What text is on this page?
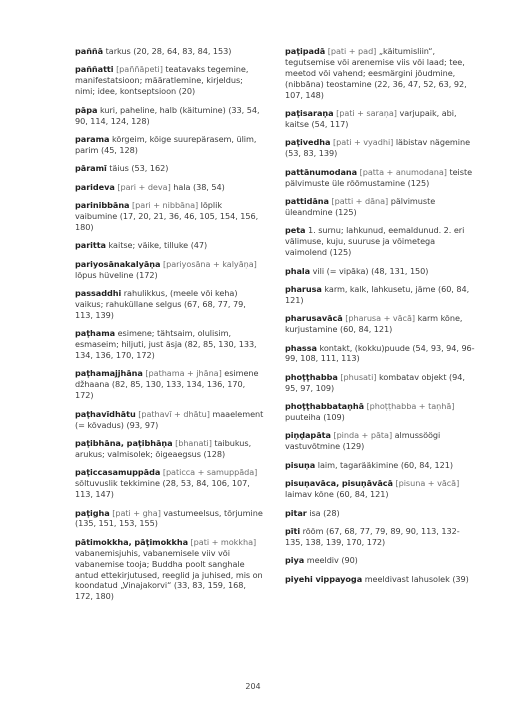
paññā tarkus (20, 28, 64, 83, 84, 153)

paññatti [paññāpeti] teatavaks tegemine, manifestatsioon; määratlemine, kirjeldus; nimi; idee, kontseptsioon (20)

pāpa kuri, paheline, halb (käitumine) (33, 54, 90, 114, 124, 128)

parama kõrgeim, kõige suurepärasem, ülim, parim (45, 128)

pāramī täius (53, 162)

paridevа [pari + deva] hala (38, 54)

parinibbāna [pari + nibbāna] lõplik vaibumine (17, 20, 21, 36, 46, 105, 154, 156, 180)

paritta kaitse; väike, tilluke (47)

pariyosānakalyāṇa [pariyosāna + kalyāṇa] lõpus hüveline (172)

passaddhi rahulikkus, (meele või keha) vaikus; rahuküllane selgus (67, 68, 77, 79, 113, 139)

paṭhama esimene; tähtsaim, olulisim, esmaseim; hiljuti, just äsja (82, 85, 130, 133, 134, 136, 170, 172)

paṭhamajjhāna [pathama + jhāna] esimene džhaana (82, 85, 130, 133, 134, 136, 170, 172)

paṭhavīdhātu [pathavī + dhātu] maaelement (= kõvadus) (93, 97)

paṭibhāna, paṭibhāṇa [bhanati] taibukus, arukus; valmisolek; õigeaegsus (128)

paṭiccasamuppāda [paticca + samuppāda] sõltuvuslik tekkimine (28, 53, 84, 106, 107, 113, 147)

paṭigha [pati + gha] vastumeelsus, tõrjumine (135, 151, 153, 155)

pātimokkha, pāṭimokkha [pati + mokkha] vabanemisjuhis, vabanemisele viiv või vabanemise tooja; Buddha poolt sanghale antud ettekirjutused, reeglid ja juhised, mis on koondatud „Vinajakorvi“ (33, 83, 159, 168, 172, 180)

paṭipadā [pati + pad] „käitumisliin“, tegutsemise või arenemise viis või laad; tee, meetod või vahend; eesmärgini jõudmine, (nibbāna) teostamine (22, 36, 47, 52, 63, 92, 107, 148)

paṭisaraṇa [pati + saraṇa] varjupaik, abi, kaitse (54, 117)

paṭivedha [pati + vyadhi] läbistav nägemine (53, 83, 139)

pattānumodana [patta + anumodana] teiste pälvimuste üle rõõmustamine (125)

pattidāna [patti + dāna] pälvimuste üleandmine (125)

peta 1. surnu; lahkunud, eemaldunud. 2. eri välimuse, kuju, suuruse ja võimetega vaimolend (125)

phala vili (= vipāka) (48, 131, 150)

pharusa karm, kalk, lahkusetu, jäme (60, 84, 121)

pharusavācā [pharusa + vācā] karm kõne, kurjustamine (60, 84, 121)

phassa kontakt, (kokku)puude (54, 93, 94, 96-99, 108, 111, 113)

phoṭṭhabba [phusati] kombatav objekt (94, 95, 97, 109)

phoṭṭhabbataṇhā [phoṭṭhabba + taṇhā] puuteiha (109)

piṇḍapāta [pinda + pāta] almussöögi vastuvõtmine (129)

pisuṇa laim, tagarääkimine (60, 84, 121)

pisuṇavāca, pisuṇāvācā [pisuna + vācā] laimav kõne (60, 84, 121)

pitar isa (28)

pīti rõõm (67, 68, 77, 79, 89, 90, 113, 132-135, 138, 139, 170, 172)

piya meeldiv (90)

piyehi vippayoga meeldivast lahusolek (39)

204
